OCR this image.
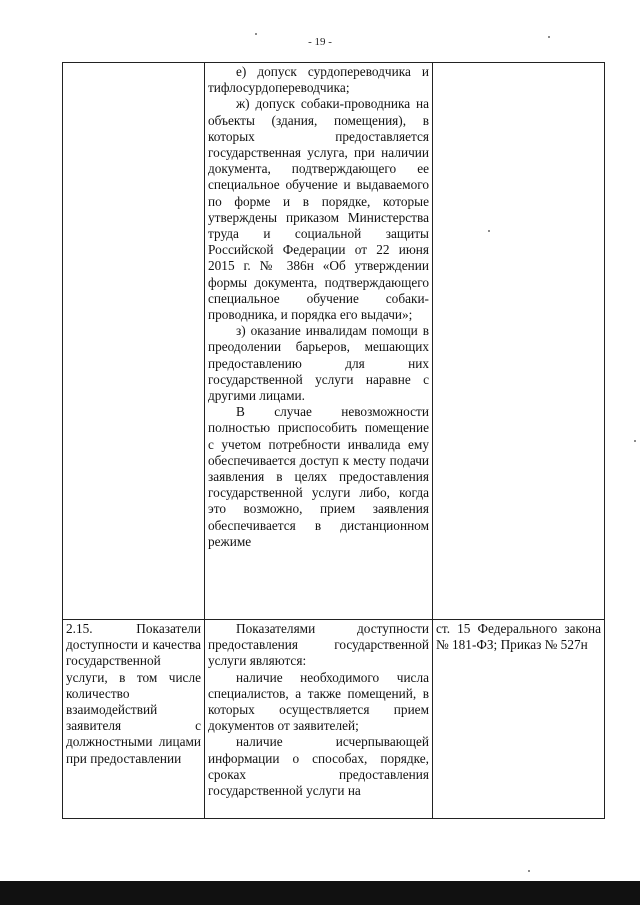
- 19 -

	е) допуск сурдопереводчика и тифлосурдопереводчика;

ж) допуск собаки-проводника на объекты (здания, помещения), в которых предоставляется государственная услуга, при наличии документа, подтверждающего ее специальное обучение и выдаваемого по форме и в порядке, которые утверждены приказом Министерства труда и социальной защиты Российской Федерации от 22 июня 2015 г. № 386н «Об утверждении формы документа, подтверждающего специальное обучение собаки-проводника, и порядка его выдачи»;

з) оказание инвалидам помощи в преодолении барьеров, мешающих предоставлению для них государственной услуги наравне с другими лицами.

В случае невозможности полностью приспособить помещение с учетом потребности инвалида ему обеспечивается доступ к месту подачи заявления в целях предоставления государственной услуги либо, когда это возможно, прием заявления обеспечивается в дистанционном режиме	

2.15. Показатели доступности и качества государственной услуги, в том числе количество взаимодействий заявителя с должностными лицами при предоставлении	Показателями доступности предоставления государственной услуги являются:

наличие необходимого числа специалистов, а также помещений, в которых осуществляется прием документов от заявителей;

наличие исчерпывающей информации о способах, порядке, сроках предоставления государственной услуги на	ст. 15 Федерального закона № 181-ФЗ; Приказ № 527н
